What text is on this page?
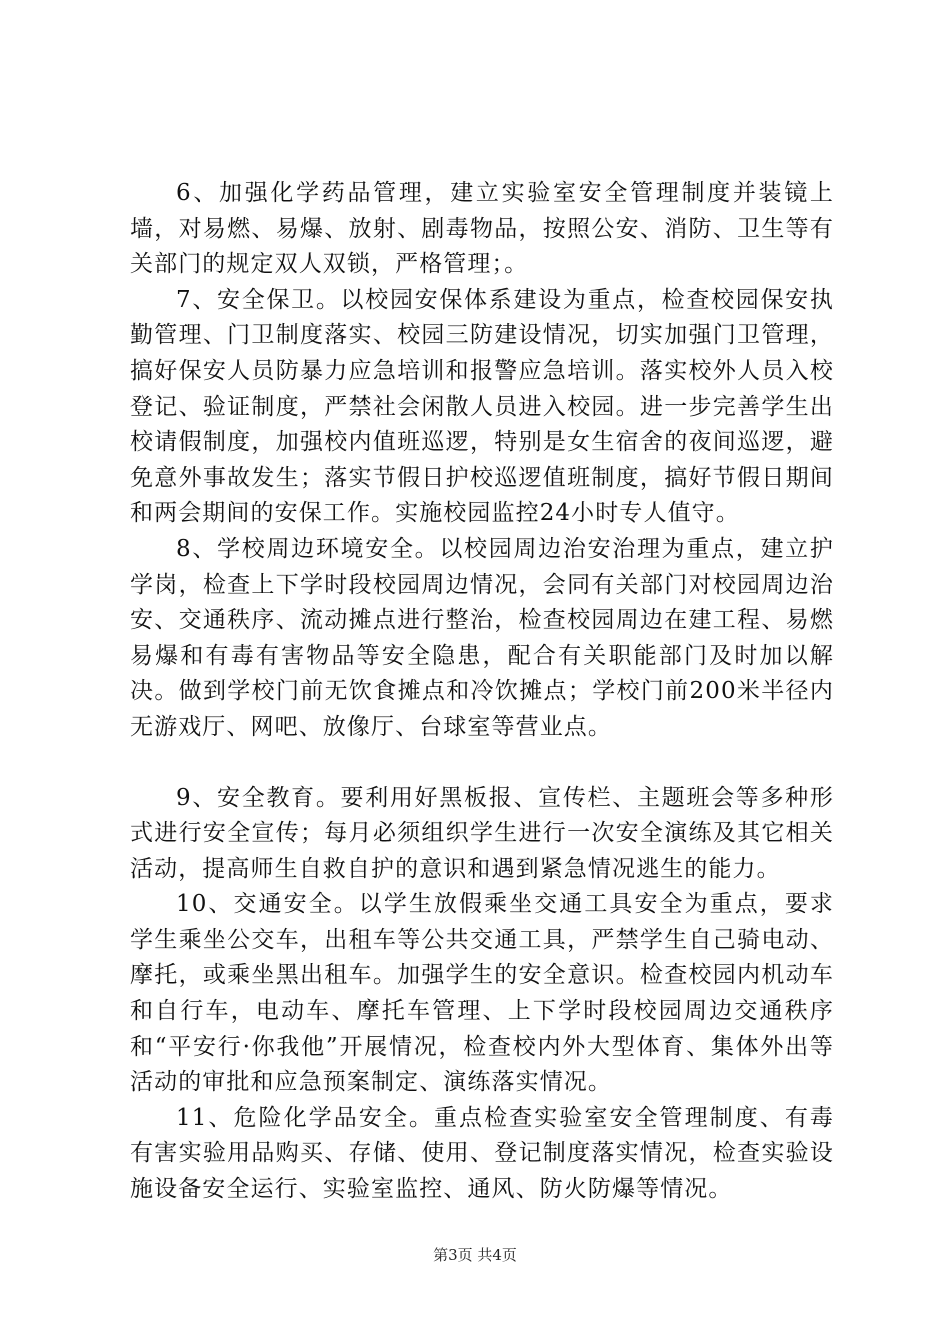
6、加强化学药品管理，建立实验室安全管理制度并装镜上墙，对易燃、易爆、放射、剧毒物品，按照公安、消防、卫生等有关部门的规定双人双锁，严格管理；。

7、安全保卫。以校园安保体系建设为重点，检查校园保安执勤管理、门卫制度落实、校园三防建设情况，切实加强门卫管理，搞好保安人员防暴力应急培训和报警应急培训。落实校外人员入校登记、验证制度，严禁社会闲散人员进入校园。进一步完善学生出校请假制度，加强校内值班巡逻，特别是女生宿舍的夜间巡逻，避免意外事故发生；落实节假日护校巡逻值班制度，搞好节假日期间和两会期间的安保工作。实施校园监控24小时专人值守。

8、学校周边环境安全。以校园周边治安治理为重点，建立护学岗，检查上下学时段校园周边情况，会同有关部门对校园周边治安、交通秩序、流动摊点进行整治，检查校园周边在建工程、易燃易爆和有毒有害物品等安全隐患，配合有关职能部门及时加以解决。做到学校门前无饮食摊点和冷饮摊点；学校门前200米半径内无游戏厅、网吧、放像厅、台球室等营业点。

9、安全教育。要利用好黑板报、宣传栏、主题班会等多种形式进行安全宣传；每月必须组织学生进行一次安全演练及其它相关活动，提高师生自救自护的意识和遇到紧急情况逃生的能力。

10、交通安全。以学生放假乘坐交通工具安全为重点，要求学生乘坐公交车，出租车等公共交通工具，严禁学生自己骑电动、摩托，或乘坐黑出租车。加强学生的安全意识。检查校园内机动车和自行车，电动车、摩托车管理、上下学时段校园周边交通秩序和“平安行·你我他”开展情况，检查校内外大型体育、集体外出等活动的审批和应急预案制定、演练落实情况。

11、危险化学品安全。重点检查实验室安全管理制度、有毒有害实验用品购买、存储、使用、登记制度落实情况，检查实验设施设备安全运行、实验室监控、通风、防火防爆等情况。

第3页 共4页
